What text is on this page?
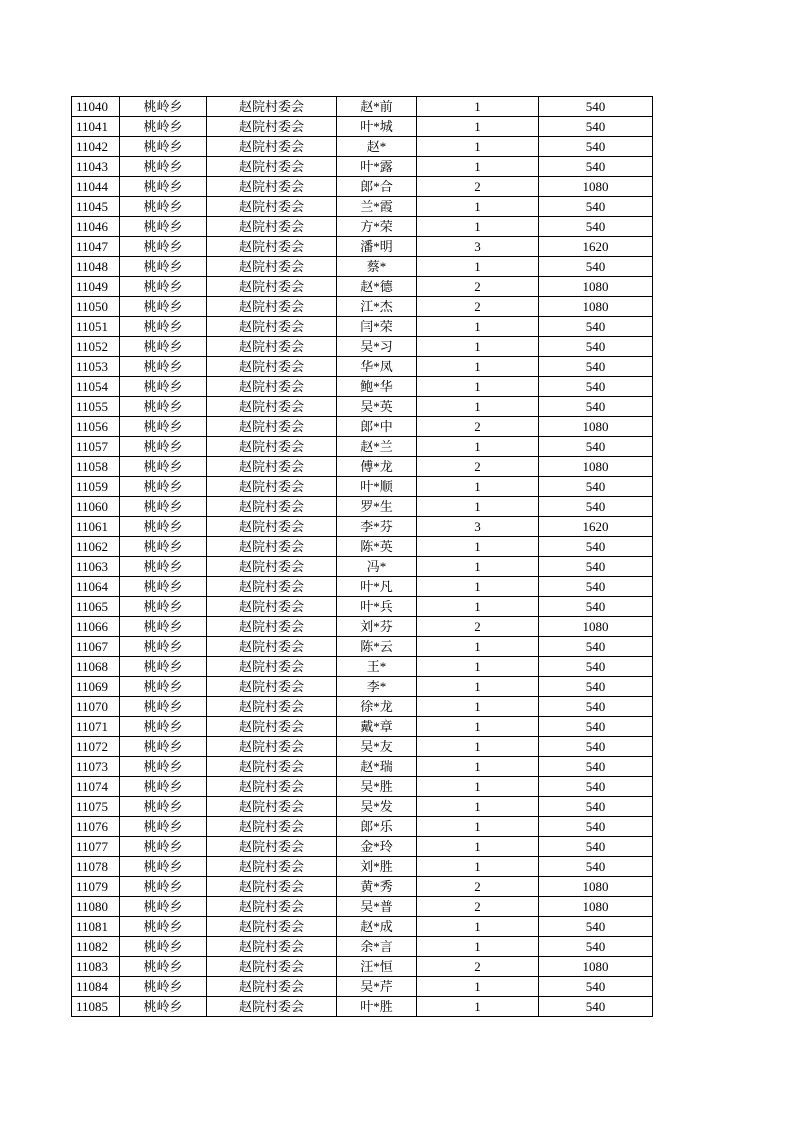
11040	桃岭乡	赵院村委会	赵*前	1	540
11041	桃岭乡	赵院村委会	叶*城	1	540
11042	桃岭乡	赵院村委会	赵*	1	540
11043	桃岭乡	赵院村委会	叶*露	1	540
11044	桃岭乡	赵院村委会	郎*合	2	1080
11045	桃岭乡	赵院村委会	兰*霞	1	540
11046	桃岭乡	赵院村委会	方*荣	1	540
11047	桃岭乡	赵院村委会	潘*明	3	1620
11048	桃岭乡	赵院村委会	蔡*	1	540
11049	桃岭乡	赵院村委会	赵*德	2	1080
11050	桃岭乡	赵院村委会	江*杰	2	1080
11051	桃岭乡	赵院村委会	闫*荣	1	540
11052	桃岭乡	赵院村委会	吴*习	1	540
11053	桃岭乡	赵院村委会	华*凤	1	540
11054	桃岭乡	赵院村委会	鲍*华	1	540
11055	桃岭乡	赵院村委会	吴*英	1	540
11056	桃岭乡	赵院村委会	郎*中	2	1080
11057	桃岭乡	赵院村委会	赵*兰	1	540
11058	桃岭乡	赵院村委会	傅*龙	2	1080
11059	桃岭乡	赵院村委会	叶*顺	1	540
11060	桃岭乡	赵院村委会	罗*生	1	540
11061	桃岭乡	赵院村委会	李*芬	3	1620
11062	桃岭乡	赵院村委会	陈*英	1	540
11063	桃岭乡	赵院村委会	冯*	1	540
11064	桃岭乡	赵院村委会	叶*凡	1	540
11065	桃岭乡	赵院村委会	叶*兵	1	540
11066	桃岭乡	赵院村委会	刘*芬	2	1080
11067	桃岭乡	赵院村委会	陈*云	1	540
11068	桃岭乡	赵院村委会	王*	1	540
11069	桃岭乡	赵院村委会	李*	1	540
11070	桃岭乡	赵院村委会	徐*龙	1	540
11071	桃岭乡	赵院村委会	戴*章	1	540
11072	桃岭乡	赵院村委会	吴*友	1	540
11073	桃岭乡	赵院村委会	赵*瑞	1	540
11074	桃岭乡	赵院村委会	吴*胜	1	540
11075	桃岭乡	赵院村委会	吴*发	1	540
11076	桃岭乡	赵院村委会	郎*乐	1	540
11077	桃岭乡	赵院村委会	金*玲	1	540
11078	桃岭乡	赵院村委会	刘*胜	1	540
11079	桃岭乡	赵院村委会	黄*秀	2	1080
11080	桃岭乡	赵院村委会	吴*普	2	1080
11081	桃岭乡	赵院村委会	赵*成	1	540
11082	桃岭乡	赵院村委会	余*言	1	540
11083	桃岭乡	赵院村委会	汪*恒	2	1080
11084	桃岭乡	赵院村委会	吴*芹	1	540
11085	桃岭乡	赵院村委会	叶*胜	1	540
